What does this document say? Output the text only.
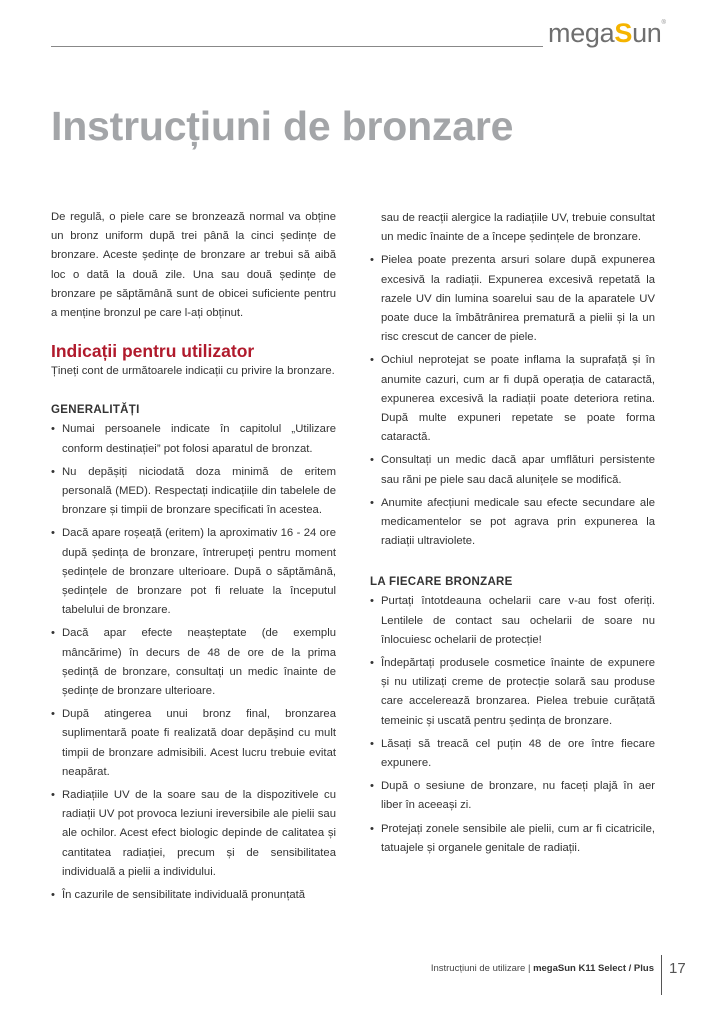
megaSun®
Instrucțiuni de bronzare

De regulă, o piele care se bronzează normal va obține un bronz uniform după trei până la cinci ședințe de bronzare. Aceste ședințe de bronzare ar trebui să aibă loc o dată la două zile. Una sau două ședințe de bronzare pe săptămână sunt de obicei suficiente pentru a menține bronzul pe care l-ați obținut.

Indicații pentru utilizator

Țineți cont de următoarele indicații cu privire la bronzare.

GENERALITĂȚI
• Numai persoanele indicate în capitolul „Utilizare conform destinației” pot folosi aparatul de bronzat.
• Nu depășiți niciodată doza minimă de eritem personală (MED). Respectați indicațiile din tabelele de bronzare și timpii de bronzare specificati în acestea.
• Dacă apare roșeață (eritem) la aproximativ 16 - 24 ore după ședința de bronzare, întrerupeți pentru moment ședințele de bronzare ulterioare. După o săptămână, ședințele de bronzare pot fi reluate la începutul tabelului de bronzare.
• Dacă apar efecte neașteptate (de exemplu mâncărime) în decurs de 48 de ore de la prima ședință de bronzare, consultați un medic înainte de ședințe de bronzare ulterioare.
• După atingerea unui bronz final, bronzarea suplimentară poate fi realizată doar depășind cu mult timpii de bronzare admisibili. Acest lucru trebuie evitat neapărat.
• Radiațiile UV de la soare sau de la dispozitivele cu radiații UV pot provoca leziuni ireversibile ale pielii sau ale ochilor. Acest efect biologic depinde de calitatea și cantitatea radiației, precum și de sensibilitatea individuală a pielii a individului.
• În cazurile de sensibilitate individuală pronunțată

sau de reacții alergice la radiațiile UV, trebuie consultat un medic înainte de a începe ședințele de bronzare.

• Pielea poate prezenta arsuri solare după expunerea excesivă la radiații. Expunerea excesivă repetată la razele UV din lumina soarelui sau de la aparatele UV poate duce la îmbătrânirea prematură a pielii și la un risc crescut de cancer de piele.
• Ochiul neprotejat se poate inflama la suprafață și în anumite cazuri, cum ar fi după operația de cataractă, expunerea excesivă la radiații poate deteriora retina. După multe expuneri repetate se poate forma cataractă.
• Consultați un medic dacă apar umflături persistente sau răni pe piele sau dacă alunițele se modifică.
• Anumite afecțiuni medicale sau efecte secundare ale medicamentelor se pot agrava prin expunerea la radiații ultraviolete.
LA FIECARE BRONZARE
• Purtați întotdeauna ochelarii care v-au fost oferiți. Lentilele de contact sau ochelarii de soare nu înlocuiesc ochelarii de protecție!
• Îndepărtați produsele cosmetice înainte de expunere și nu utilizați creme de protecție solară sau produse care accelerează bronzarea. Pielea trebuie curățată temeinic și uscată pentru ședința de bronzare.
• Lăsați să treacă cel puțin 48 de ore între fiecare expunere.
• După o sesiune de bronzare, nu faceți plajă în aer liber în aceeași zi.
• Protejați zonele sensibile ale pielii, cum ar fi cicatricile, tatuajele și organele genitale de radiații.
Instrucțiuni de utilizare | megaSun K11 Select / Plus 17
